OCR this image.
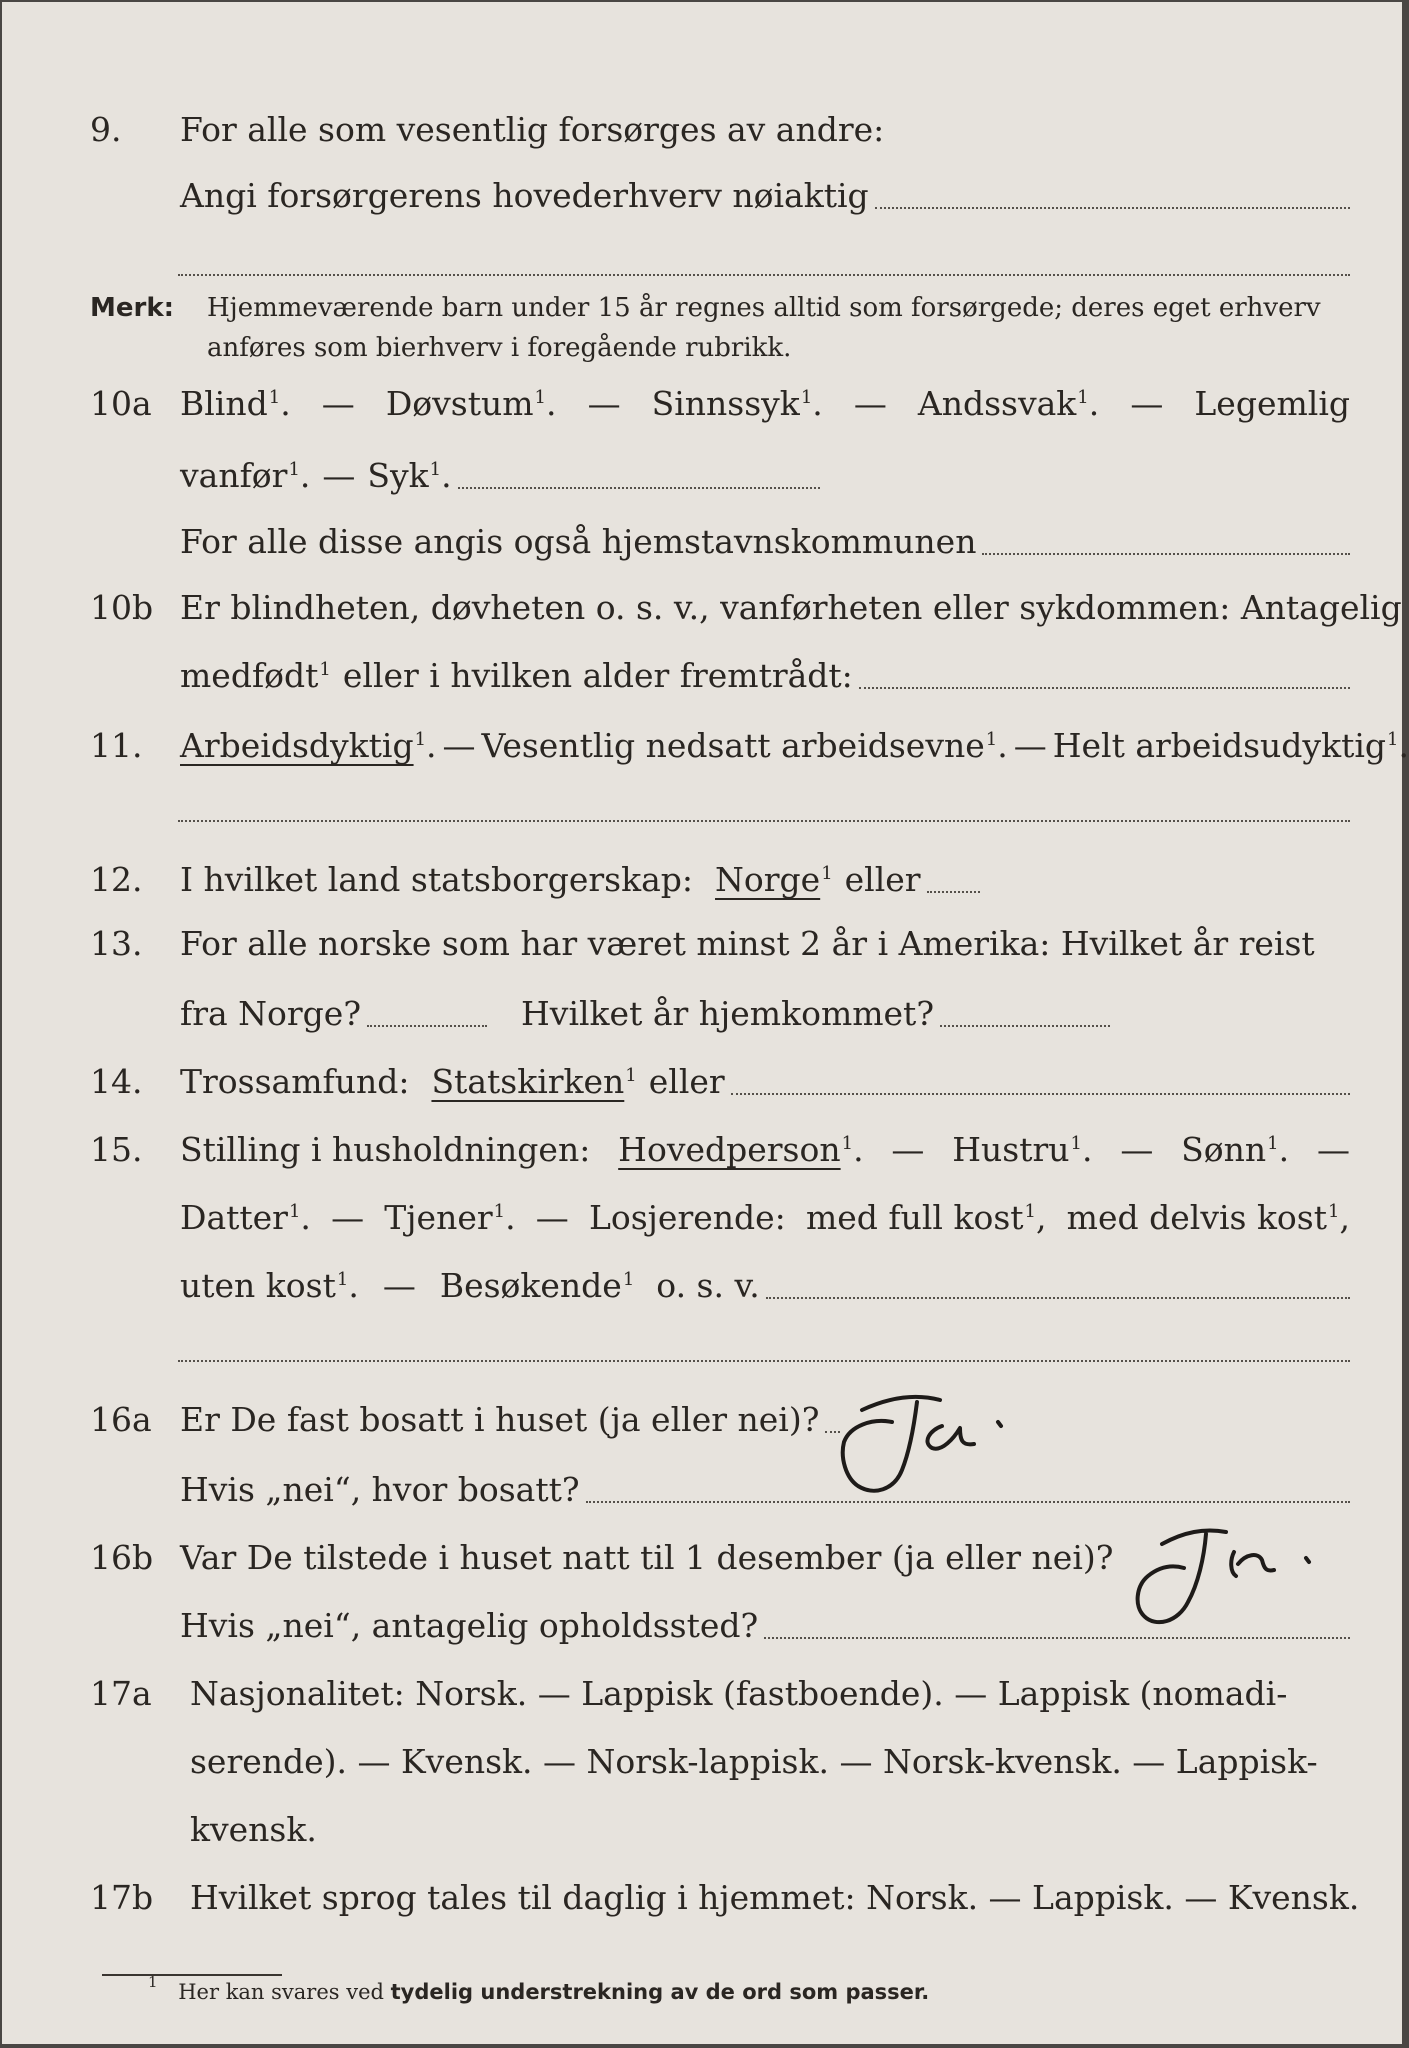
9. For alle som vesentlig forsørges av andre:
Angi forsørgerens hovederhverv nøiaktig
Merk: Hjemmeværende barn under 15 år regnes alltid som forsørgede; deres eget erhverv
anføres som bierhverv i foregående rubrikk.
10a Blind$^1$. — Døvstum$^1$. — Sinnssyk$^1$. — Andssvak$^1$. — Legemlig
vanfør$^1$. — Syk$^1$.
For alle disse angis også hjemstavnskommunen
10b Er blindheten, døvheten o. s. v., vanførheten eller sykdommen: Antagelig
medfødt$^1$ eller i hvilken alder fremtrådt:
11. Arbeidsdyktig$^1$. — Vesentlig nedsatt arbeidsevne$^1$. — Helt arbeidsudyktig$^1$.
12. I hvilket land statsborgerskap: Norge$^1$ eller
13. For alle norske som har været minst 2 år i Amerika: Hvilket år reist
fra Norge?	Hvilket år hjemkommet?
14. Trossamfund: Statskirken$^1$ eller
15. Stilling i husholdningen: Hovedperson$^1$. — Hustru$^1$. — Sønn$^1$. —
Datter$^1$. — Tjener$^1$. — Losjerende: med full kost$^1$, med delvis kost$^1$,
uten kost$^1$. — Besøkende$^1$ o. s. v.
16a Er De fast bosatt i huset (ja eller nei)?
Hvis „nei“, hvor bosatt?
16b Var De tilstede i huset natt til 1 desember (ja eller nei)?
Hvis „nei“, antagelig opholdssted?
17a Nasjonalitet: Norsk. — Lappisk (fastboende). — Lappisk (nomadi-
serende). — Kvensk. — Norsk-lappisk. — Norsk-kvensk. — Lappisk-
kvensk.
17b Hvilket sprog tales til daglig i hjemmet: Norsk. — Lappisk. — Kvensk.
$^1$ Her kan svares ved tydelig understrekning av de ord som passer.
